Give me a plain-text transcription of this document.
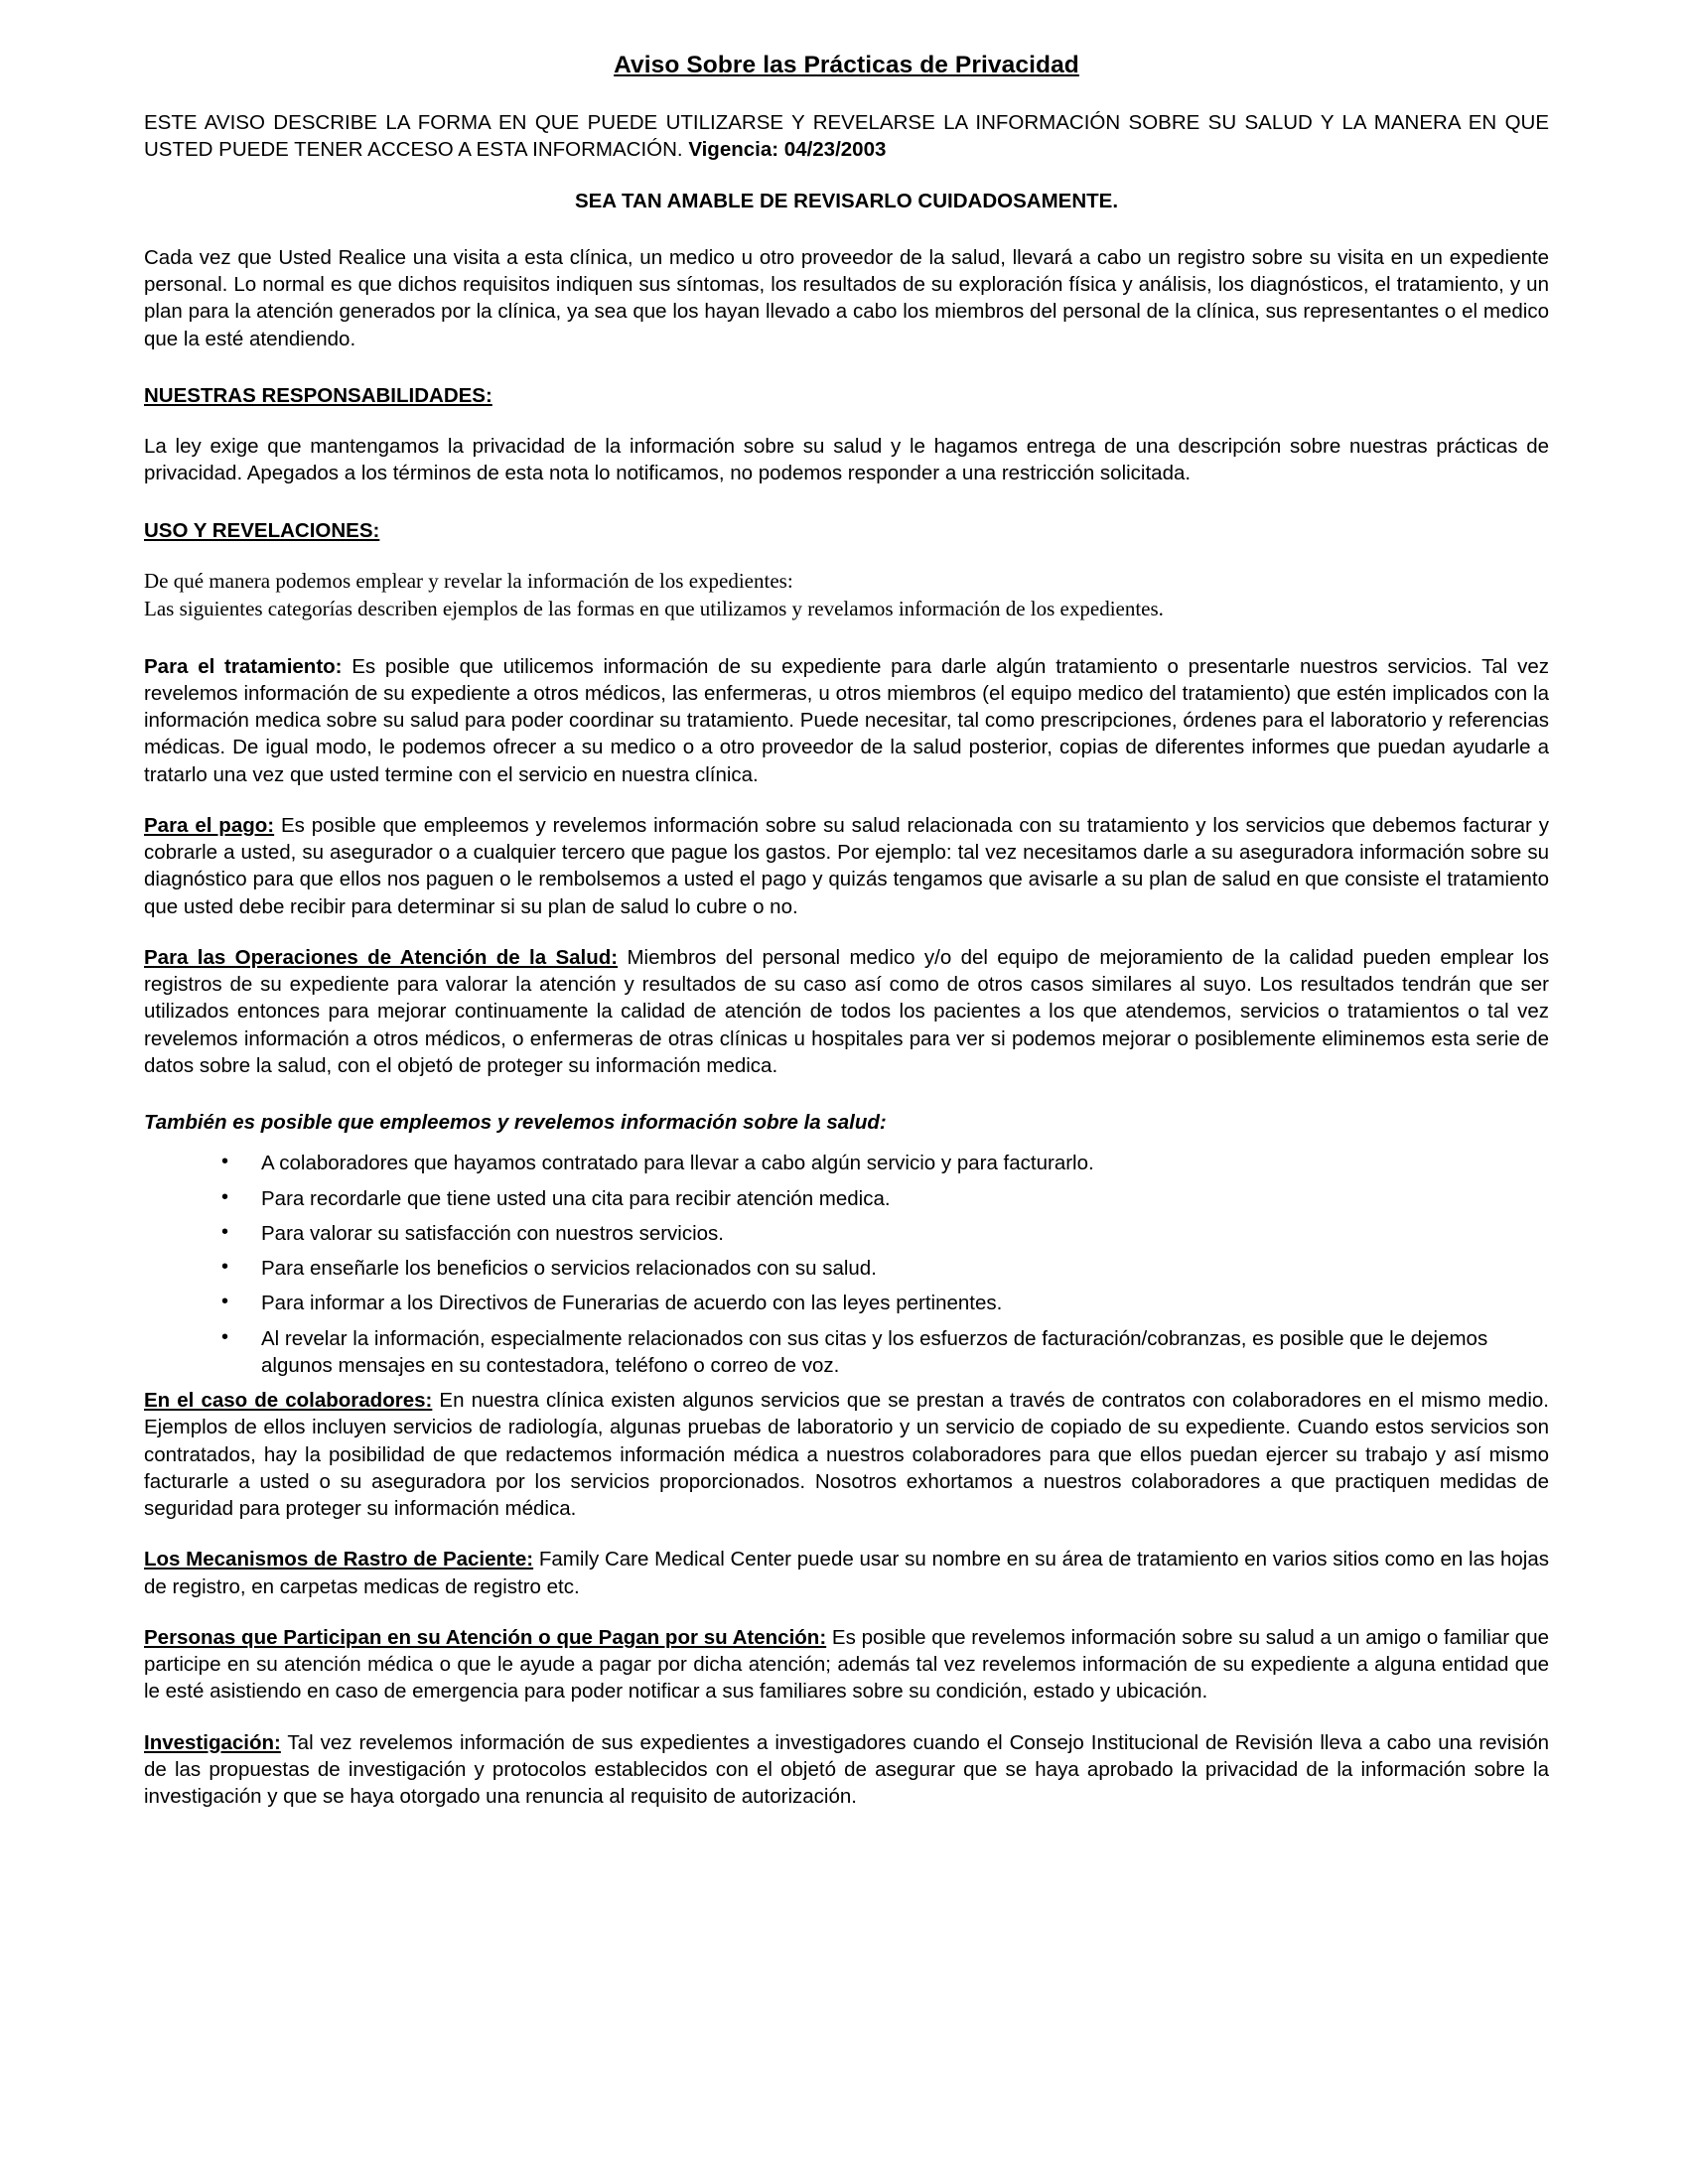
Aviso Sobre las Prácticas de Privacidad

ESTE AVISO DESCRIBE LA FORMA EN QUE PUEDE UTILIZARSE Y REVELARSE LA INFORMACIÓN SOBRE SU SALUD Y LA MANERA EN QUE USTED PUEDE TENER ACCESO A ESTA INFORMACIÓN. Vigencia: 04/23/2003

SEA TAN AMABLE DE REVISARLO CUIDADOSAMENTE.

Cada vez que Usted Realice una visita a esta clínica, un medico u otro proveedor de la salud, llevará a cabo un registro sobre su visita en un expediente personal. Lo normal es que dichos requisitos indiquen sus síntomas, los resultados de su exploración física y análisis, los diagnósticos, el tratamiento, y un plan para la atención generados por la clínica, ya sea que los hayan llevado a cabo los miembros del personal de la clínica, sus representantes o el medico que la esté atendiendo.

NUESTRAS RESPONSABILIDADES:

La ley exige que mantengamos la privacidad de la información sobre su salud y le hagamos entrega de una descripción sobre nuestras prácticas de privacidad. Apegados a los términos de esta nota lo notificamos, no podemos responder a una restricción solicitada.

USO Y REVELACIONES:

De qué manera podemos emplear y revelar la información de los expedientes:

Las siguientes categorías describen ejemplos de las formas en que utilizamos y revelamos información de los expedientes.

Para el tratamiento: Es posible que utilicemos información de su expediente para darle algún tratamiento o presentarle nuestros servicios. Tal vez revelemos información de su expediente a otros médicos, las enfermeras, u otros miembros (el equipo medico del tratamiento) que estén implicados con la información medica sobre su salud para poder coordinar su tratamiento. Puede necesitar, tal como prescripciones, órdenes para el laboratorio y referencias médicas. De igual modo, le podemos ofrecer a su medico o a otro proveedor de la salud posterior, copias de diferentes informes que puedan ayudarle a tratarlo una vez que usted termine con el servicio en nuestra clínica.

Para el pago: Es posible que empleemos y revelemos información sobre su salud relacionada con su tratamiento y los servicios que debemos facturar y cobrarle a usted, su asegurador o a cualquier tercero que pague los gastos. Por ejemplo: tal vez necesitamos darle a su aseguradora información sobre su diagnóstico para que ellos nos paguen o le rembolsemos a usted el pago y quizás tengamos que avisarle a su plan de salud en que consiste el tratamiento que usted debe recibir para determinar si su plan de salud lo cubre o no.

Para las Operaciones de Atención de la Salud: Miembros del personal medico y/o del equipo de mejoramiento de la calidad pueden emplear los registros de su expediente para valorar la atención y resultados de su caso así como de otros casos similares al suyo. Los resultados tendrán que ser utilizados entonces para mejorar continuamente la calidad de atención de todos los pacientes a los que atendemos, servicios o tratamientos o tal vez revelemos información a otros médicos, o enfermeras de otras clínicas u hospitales para ver si podemos mejorar o posiblemente eliminemos esta serie de datos sobre la salud, con el objetó de proteger su información medica.

También es posible que empleemos y revelemos información sobre la salud:

• A colaboradores que hayamos contratado para llevar a cabo algún servicio y para facturarlo.
• Para recordarle que tiene usted una cita para recibir atención medica.
• Para valorar su satisfacción con nuestros servicios.
• Para enseñarle los beneficios o servicios relacionados con su salud.
• Para informar a los Directivos de Funerarias de acuerdo con las leyes pertinentes.
• Al revelar la información, especialmente relacionados con sus citas y los esfuerzos de facturación/cobranzas, es posible que le dejemos algunos mensajes en su contestadora, teléfono o correo de voz.

En el caso de colaboradores: En nuestra clínica existen algunos servicios que se prestan a través de contratos con colaboradores en el mismo medio. Ejemplos de ellos incluyen servicios de radiología, algunas pruebas de laboratorio y un servicio de copiado de su expediente. Cuando estos servicios son contratados, hay la posibilidad de que redactemos información médica a nuestros colaboradores para que ellos puedan ejercer su trabajo y así mismo facturarle a usted o su aseguradora por los servicios proporcionados. Nosotros exhortamos a nuestros colaboradores a que practiquen medidas de seguridad para proteger su información médica.

Los Mecanismos de Rastro de Paciente: Family Care Medical Center puede usar su nombre en su área de tratamiento en varios sitios como en las hojas de registro, en carpetas medicas de registro etc.

Personas que Participan en su Atención o que Pagan por su Atención: Es posible que revelemos información sobre su salud a un amigo o familiar que participe en su atención médica o que le ayude a pagar por dicha atención; además tal vez revelemos información de su expediente a alguna entidad que le esté asistiendo en caso de emergencia para poder notificar a sus familiares sobre su condición, estado y ubicación.

Investigación: Tal vez revelemos información de sus expedientes a investigadores cuando el Consejo Institucional de Revisión lleva a cabo una revisión de las propuestas de investigación y protocolos establecidos con el objetó de asegurar que se haya aprobado la privacidad de la información sobre la investigación y que se haya otorgado una renuncia al requisito de autorización.
